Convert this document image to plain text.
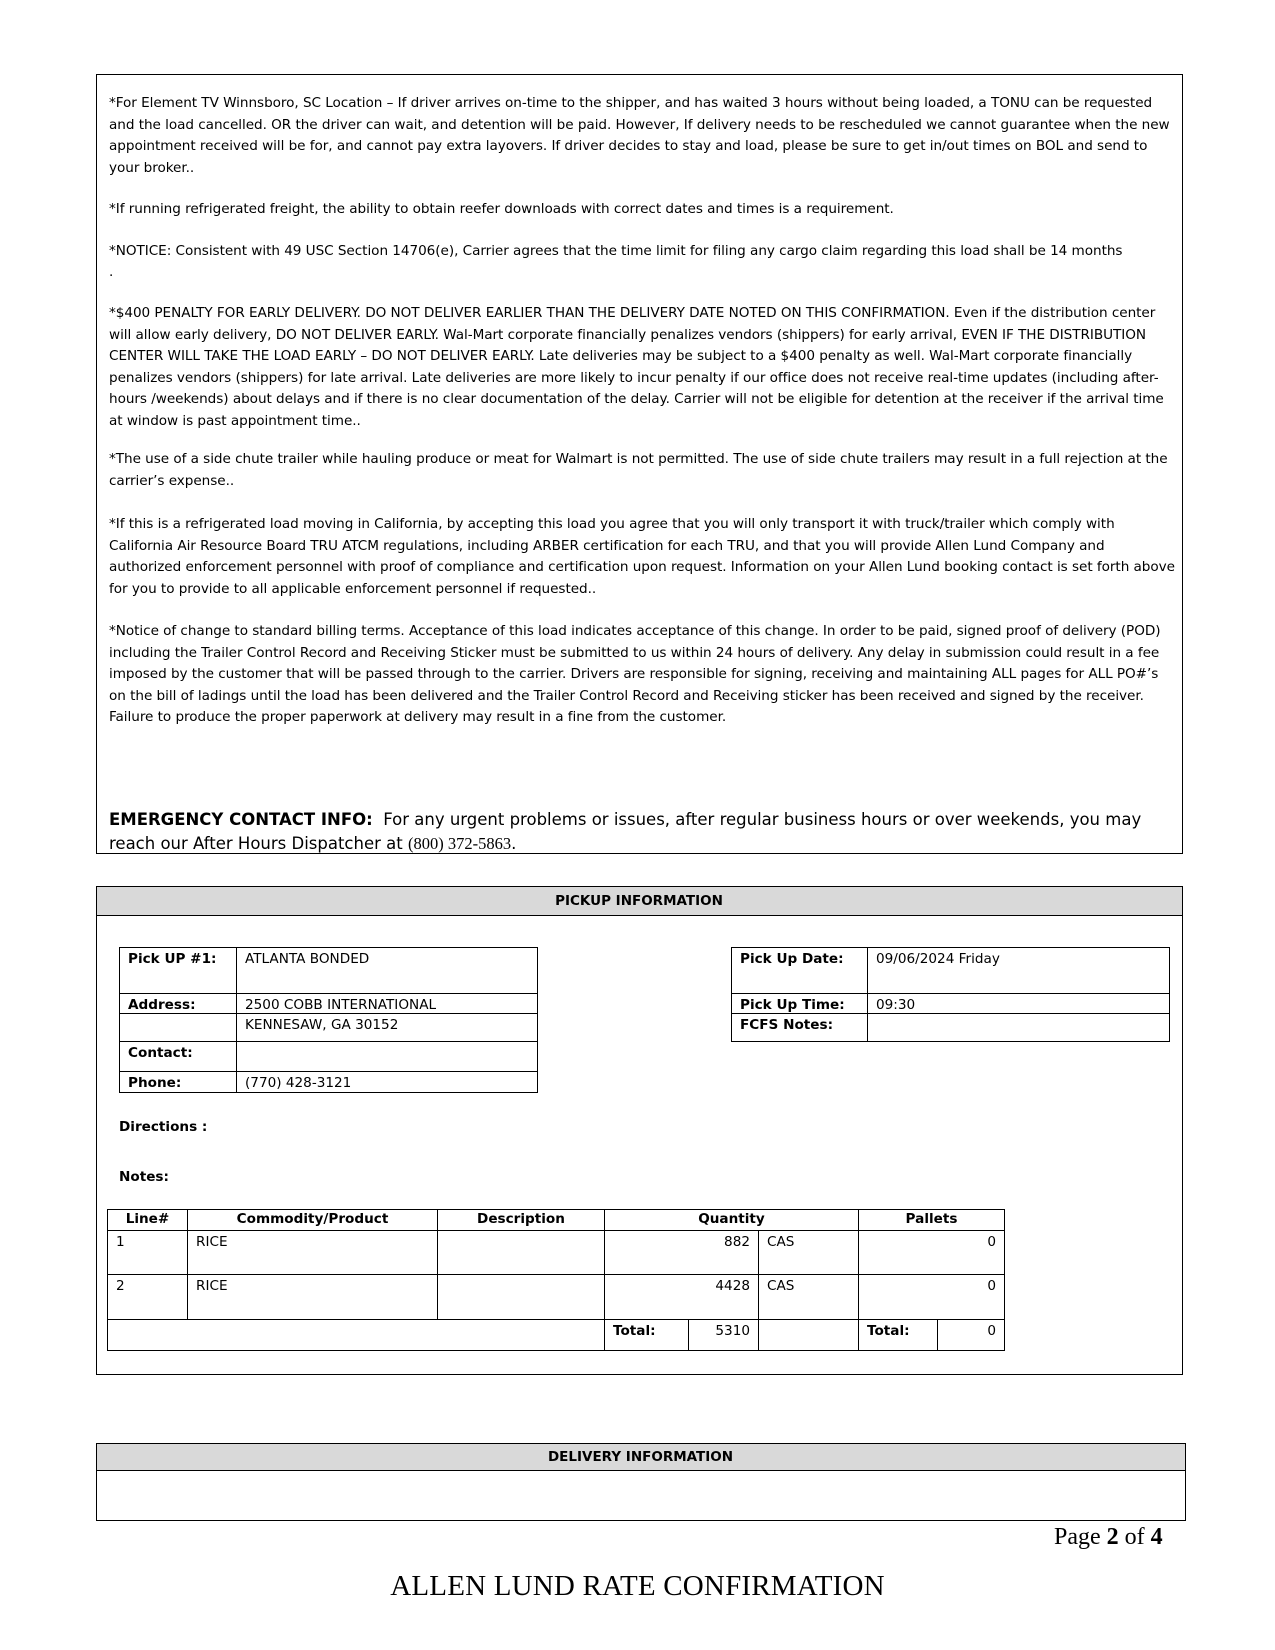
*For Element TV Winnsboro, SC Location – If driver arrives on-time to the shipper, and has waited 3 hours without being loaded, a TONU can be requested and the load cancelled. OR the driver can wait, and detention will be paid. However, If delivery needs to be rescheduled we cannot guarantee when the new appointment received will be for, and cannot pay extra layovers. If driver decides to stay and load, please be sure to get in/out times on BOL and send to your broker..
*If running refrigerated freight, the ability to obtain reefer downloads with correct dates and times is a requirement.
*NOTICE: Consistent with 49 USC Section 14706(e), Carrier agrees that the time limit for filing any cargo claim regarding this load shall be 14 months
.
*$400 PENALTY FOR EARLY DELIVERY. DO NOT DELIVER EARLIER THAN THE DELIVERY DATE NOTED ON THIS CONFIRMATION. Even if the distribution center will allow early delivery, DO NOT DELIVER EARLY. Wal-Mart corporate financially penalizes vendors (shippers) for early arrival, EVEN IF THE DISTRIBUTION CENTER WILL TAKE THE LOAD EARLY – DO NOT DELIVER EARLY. Late deliveries may be subject to a $400 penalty as well. Wal-Mart corporate financially penalizes vendors (shippers) for late arrival. Late deliveries are more likely to incur penalty if our office does not receive real-time updates (including after-hours /weekends) about delays and if there is no clear documentation of the delay. Carrier will not be eligible for detention at the receiver if the arrival time at window is past appointment time..
*The use of a side chute trailer while hauling produce or meat for Walmart is not permitted. The use of side chute trailers may result in a full rejection at the carrier’s expense..
*If this is a refrigerated load moving in California, by accepting this load you agree that you will only transport it with truck/trailer which comply with California Air Resource Board TRU ATCM regulations, including ARBER certification for each TRU, and that you will provide Allen Lund Company and authorized enforcement personnel with proof of compliance and certification upon request. Information on your Allen Lund booking contact is set forth above for you to provide to all applicable enforcement personnel if requested..
*Notice of change to standard billing terms. Acceptance of this load indicates acceptance of this change. In order to be paid, signed proof of delivery (POD) including the Trailer Control Record and Receiving Sticker must be submitted to us within 24 hours of delivery. Any delay in submission could result in a fee imposed by the customer that will be passed through to the carrier. Drivers are responsible for signing, receiving and maintaining ALL pages for ALL PO#’s on the bill of ladings until the load has been delivered and the Trailer Control Record and Receiving sticker has been received and signed by the receiver. Failure to produce the proper paperwork at delivery may result in a fine from the customer.
EMERGENCY CONTACT INFO: For any urgent problems or issues, after regular business hours or over weekends, you may reach our After Hours Dispatcher at (800) 372-5863.
PICKUP INFORMATION
Pick UP #1:	ATLANTA BONDED
Address:	2500 COBB INTERNATIONAL
	KENNESAW, GA 30152
Contact:	
Phone:	(770) 428-3121
Pick Up Date:	09/06/2024 Friday
Pick Up Time:	09:30
FCFS Notes:	
Directions :
Notes:
Line#	Commodity/Product	Description	Quantity			Pallets	
1	RICE		882		CAS	0	
2	RICE		4428		CAS	0	
			Total:	5310		Total:	0
DELIVERY INFORMATION
Page 2 of 4
ALLEN LUND RATE CONFIRMATION
